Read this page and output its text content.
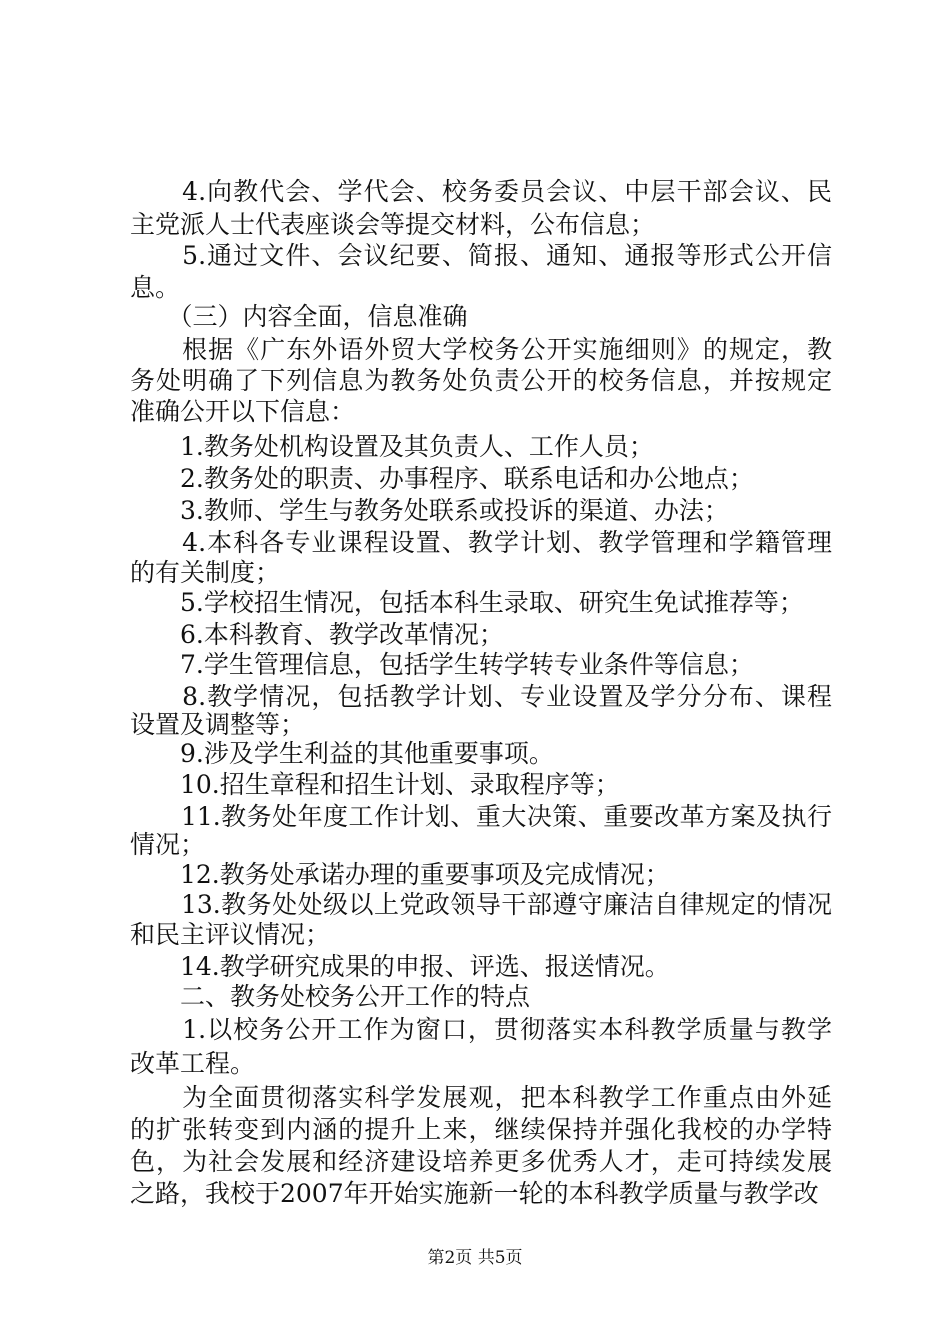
　　4.向教代会、学代会、校务委员会议、中层干部会议、民
主党派人士代表座谈会等提交材料，公布信息；
　　5.通过文件、会议纪要、简报、通知、通报等形式公开信
息。
　　（三）内容全面，信息准确
　　根据《广东外语外贸大学校务公开实施细则》的规定，教
务处明确了下列信息为教务处负责公开的校务信息，并按规定
准确公开以下信息：
　　1.教务处机构设置及其负责人、工作人员；
　　2.教务处的职责、办事程序、联系电话和办公地点；
　　3.教师、学生与教务处联系或投诉的渠道、办法；
　　4.本科各专业课程设置、教学计划、教学管理和学籍管理
的有关制度；
　　5.学校招生情况，包括本科生录取、研究生免试推荐等；
　　6.本科教育、教学改革情况；
　　7.学生管理信息，包括学生转学转专业条件等信息；
　　8.教学情况，包括教学计划、专业设置及学分分布、课程
设置及调整等；
　　9.涉及学生利益的其他重要事项。
　　10.招生章程和招生计划、录取程序等；
　　11.教务处年度工作计划、重大决策、重要改革方案及执行
情况；
　　12.教务处承诺办理的重要事项及完成情况；
　　13.教务处处级以上党政领导干部遵守廉洁自律规定的情况
和民主评议情况；
　　14.教学研究成果的申报、评选、报送情况。
　　二、教务处校务公开工作的特点
　　1.以校务公开工作为窗口，贯彻落实本科教学质量与教学
改革工程。
　　为全面贯彻落实科学发展观，把本科教学工作重点由外延
的扩张转变到内涵的提升上来，继续保持并强化我校的办学特
色，为社会发展和经济建设培养更多优秀人才，走可持续发展
之路，我校于2007年开始实施新一轮的本科教学质量与教学改
第2页 共5页
